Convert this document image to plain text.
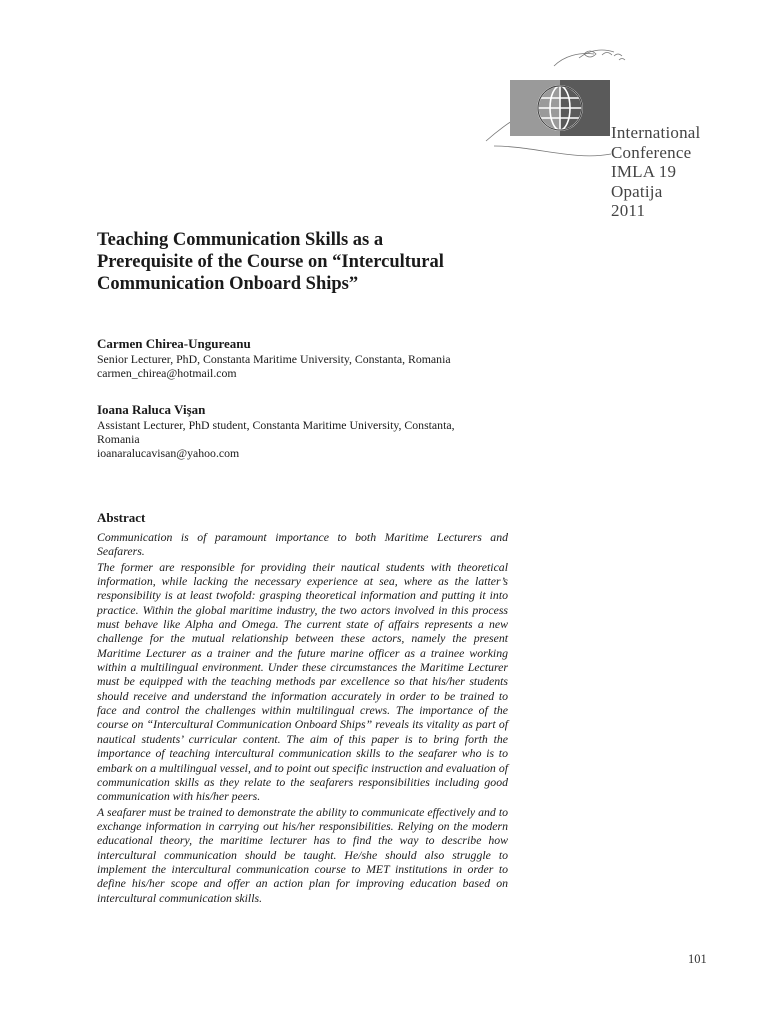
International
Conference
IMLA 19
Opatija
2011
Teaching Communication Skills as a
Prerequisite of the Course on “Intercultural
Communication Onboard Ships”
Carmen Chirea-Ungureanu
Senior Lecturer, PhD, Constanta Maritime University, Constanta, Romania
carmen_chirea@hotmail.com
Ioana Raluca Vişan
Assistant Lecturer, PhD student, Constanta Maritime University, Constanta,
Romania
ioanaralucavisan@yahoo.com
Abstract

Communication is of paramount importance to both Maritime Lecturers and Seafarers.

The former are responsible for providing their nautical students with theoretical information, while lacking the necessary experience at sea, where as the latter’s responsibility is at least twofold: grasping theoretical information and putting it into practice. Within the global maritime industry, the two actors involved in this process must behave like Alpha and Omega. The current state of affairs represents a new challenge for the mutual relationship between these actors, namely the present Maritime Lecturer as a trainer and the future marine officer as a trainee working within a multilingual environment. Under these circumstances the Maritime Lecturer must be equipped with the teaching methods par excellence so that his/her students should receive and understand the information accurately in order to be trained to face and control the challenges within multilingual crews. The importance of the course on “Intercultural Communication Onboard Ships” reveals its vitality as part of nautical students’ curricular content. The aim of this paper is to bring forth the importance of teaching intercultural communication skills to the seafarer who is to embark on a multilingual vessel, and to point out specific instruction and evaluation of communication skills as they relate to the seafarers responsibilities including good communication with his/her peers.

A seafarer must be trained to demonstrate the ability to communicate effectively and to exchange information in carrying out his/her responsibilities. Relying on the modern educational theory, the maritime lecturer has to find the way to describe how intercultural communication should be taught. He/she should also struggle to implement the intercultural communication course to MET institutions in order to define his/her scope and offer an action plan for improving education based on intercultural communication skills.

101
